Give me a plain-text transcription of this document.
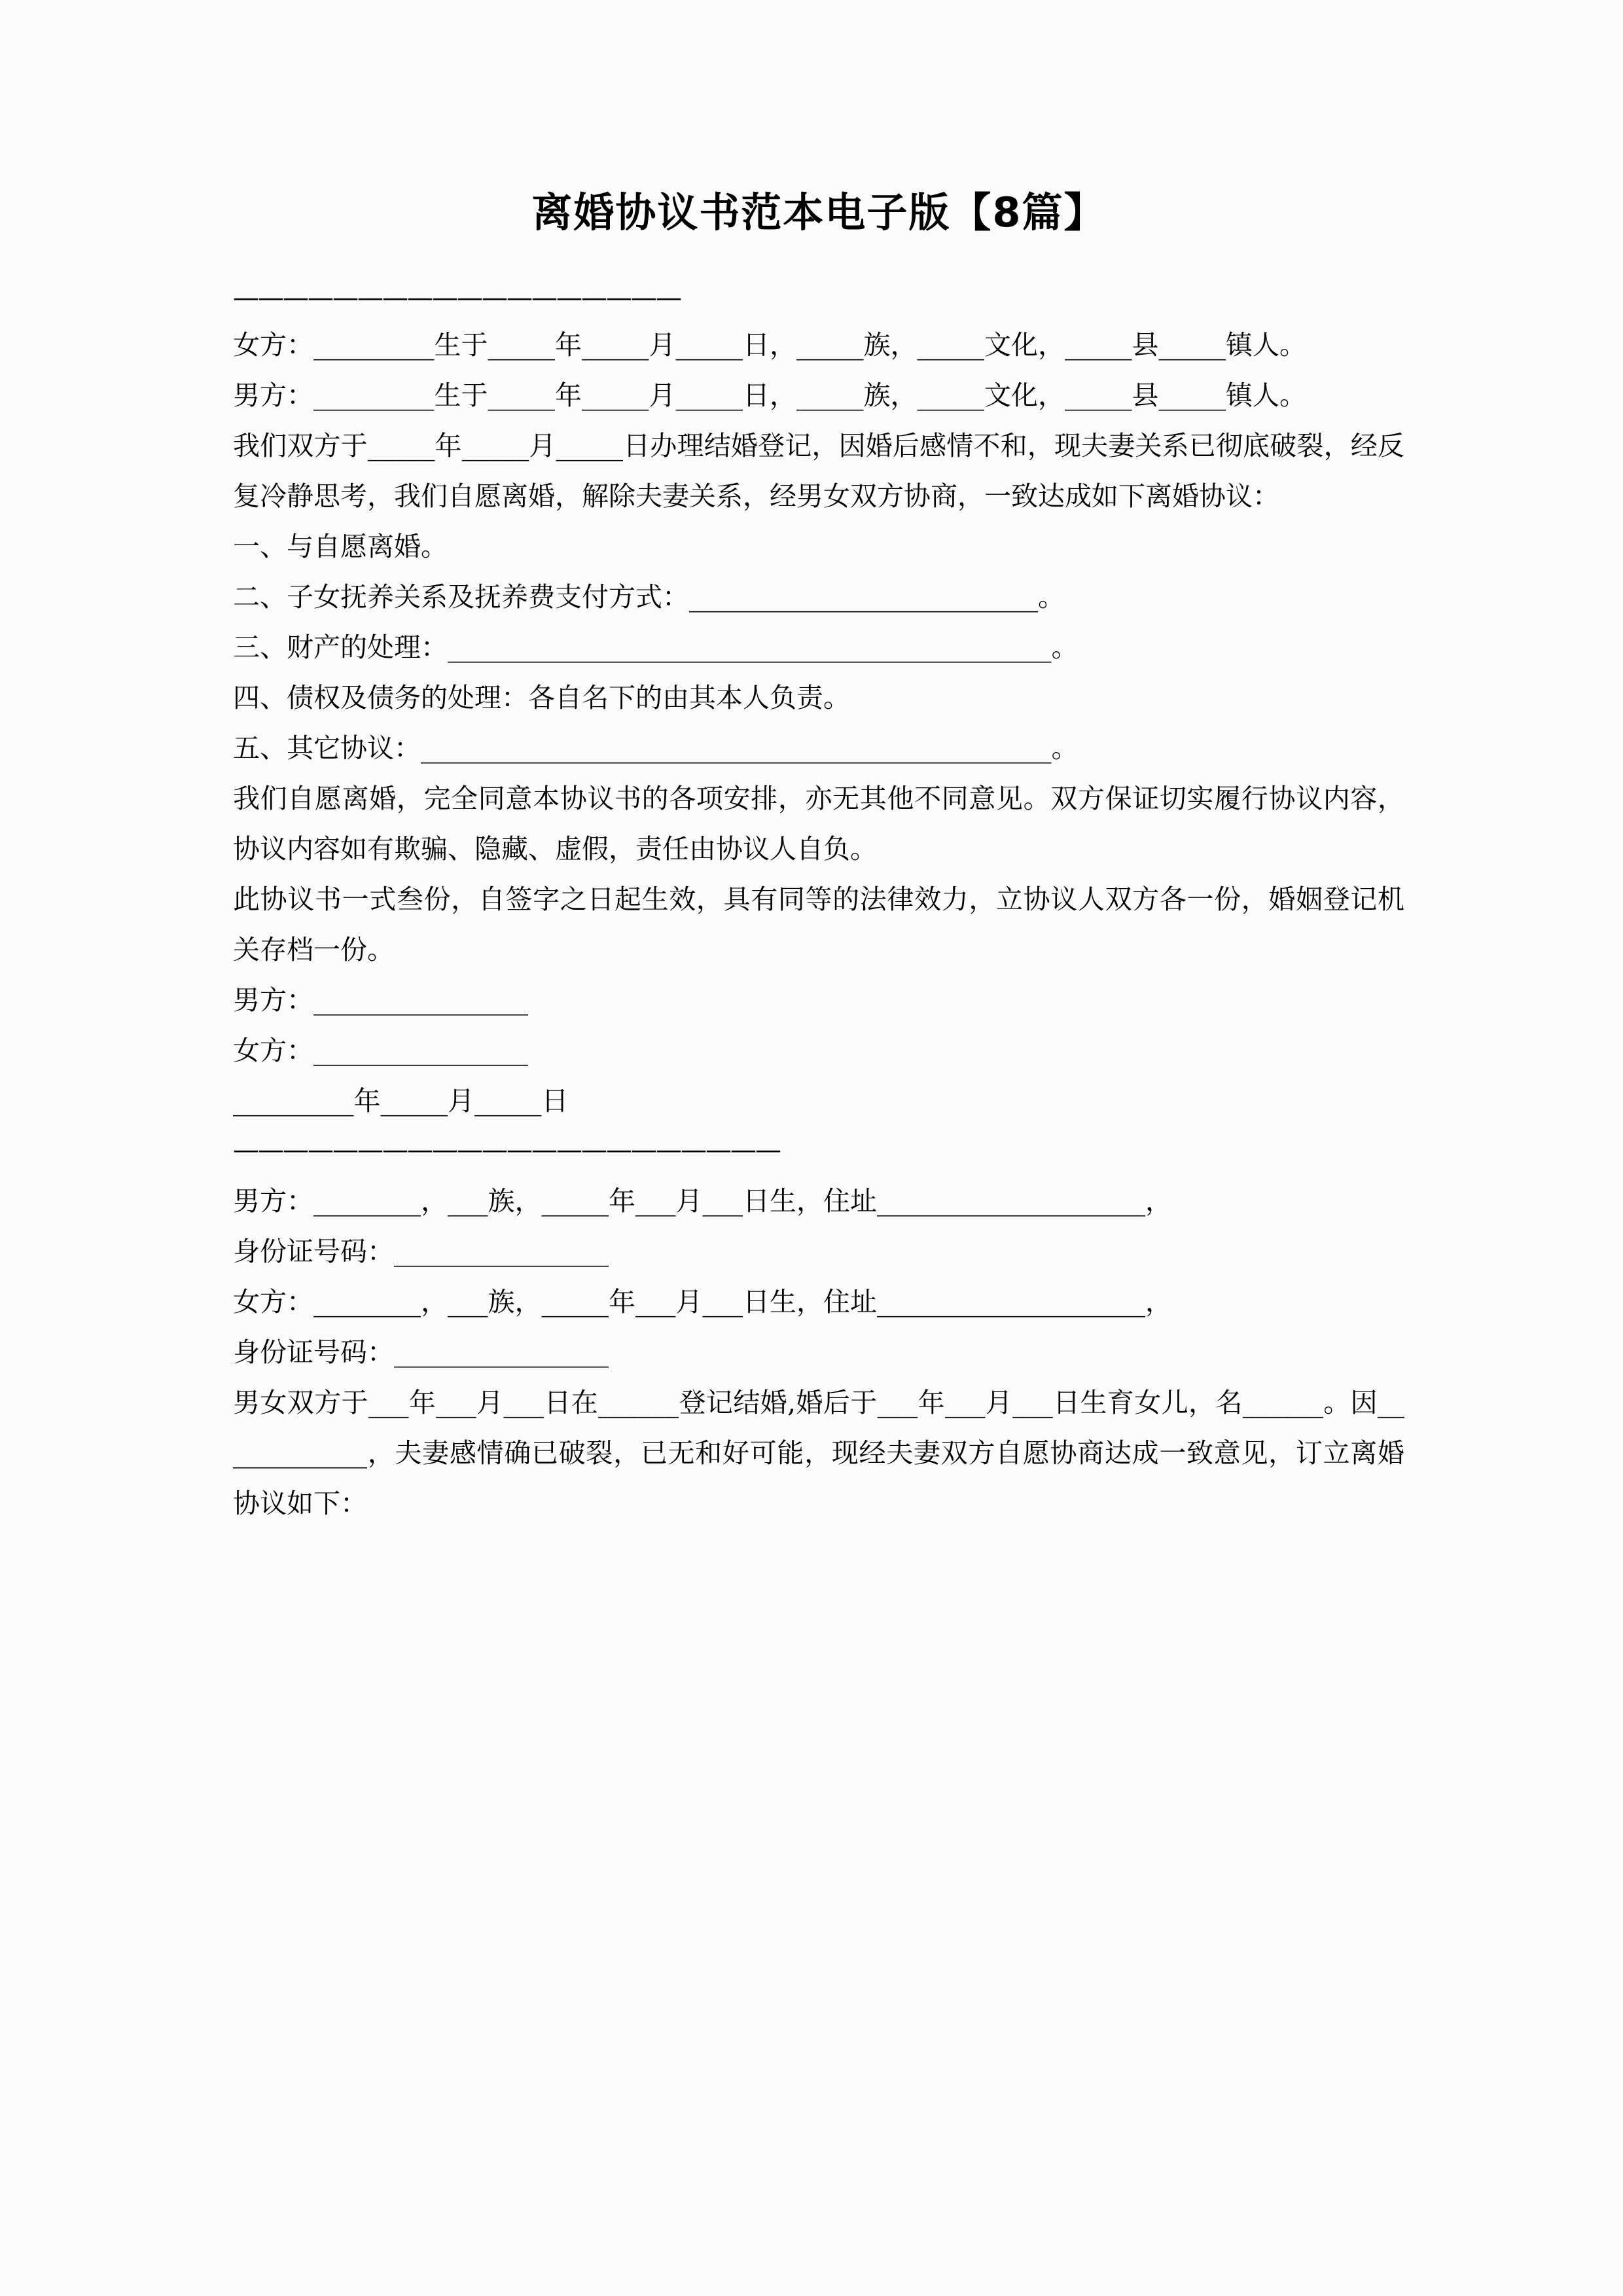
离婚协议书范本电子版【8篇】
——————————————————

女方：_________生于_____年_____月_____日，_____族，_____文化，_____县_____镇人。

男方：_________生于_____年_____月_____日，_____族，_____文化，_____县_____镇人。

我们双方于_____年_____月_____日办理结婚登记，因婚后感情不和，现夫妻关系已彻底破裂，经反复冷静思考，我们自愿离婚，解除夫妻关系，经男女双方协商，一致达成如下离婚协议：

一、与自愿离婚。

二、子女抚养关系及抚养费支付方式：__________________________。

三、财产的处理：_____________________________________________。

四、债权及债务的处理：各自名下的由其本人负责。

五、其它协议：_______________________________________________。

我们自愿离婚，完全同意本协议书的各项安排，亦无其他不同意见。双方保证切实履行协议内容，协议内容如有欺骗、隐藏、虚假，责任由协议人自负。

此协议书一式叁份，自签字之日起生效，具有同等的法律效力，立协议人双方各一份，婚姻登记机关存档一份。

男方：________________

女方：________________

_________年_____月_____日

——————————————————————

男方：________，___族，_____年___月___日生，住址____________________，

身份证号码：________________

女方：________，___族，_____年___月___日生，住址____________________，

身份证号码：________________

男女双方于___年___月___日在______登记结婚,婚后于___年___月___日生育女儿，名______。因____________，夫妻感情确已破裂，已无和好可能，现经夫妻双方自愿协商达成一致意见，订立离婚协议如下：
